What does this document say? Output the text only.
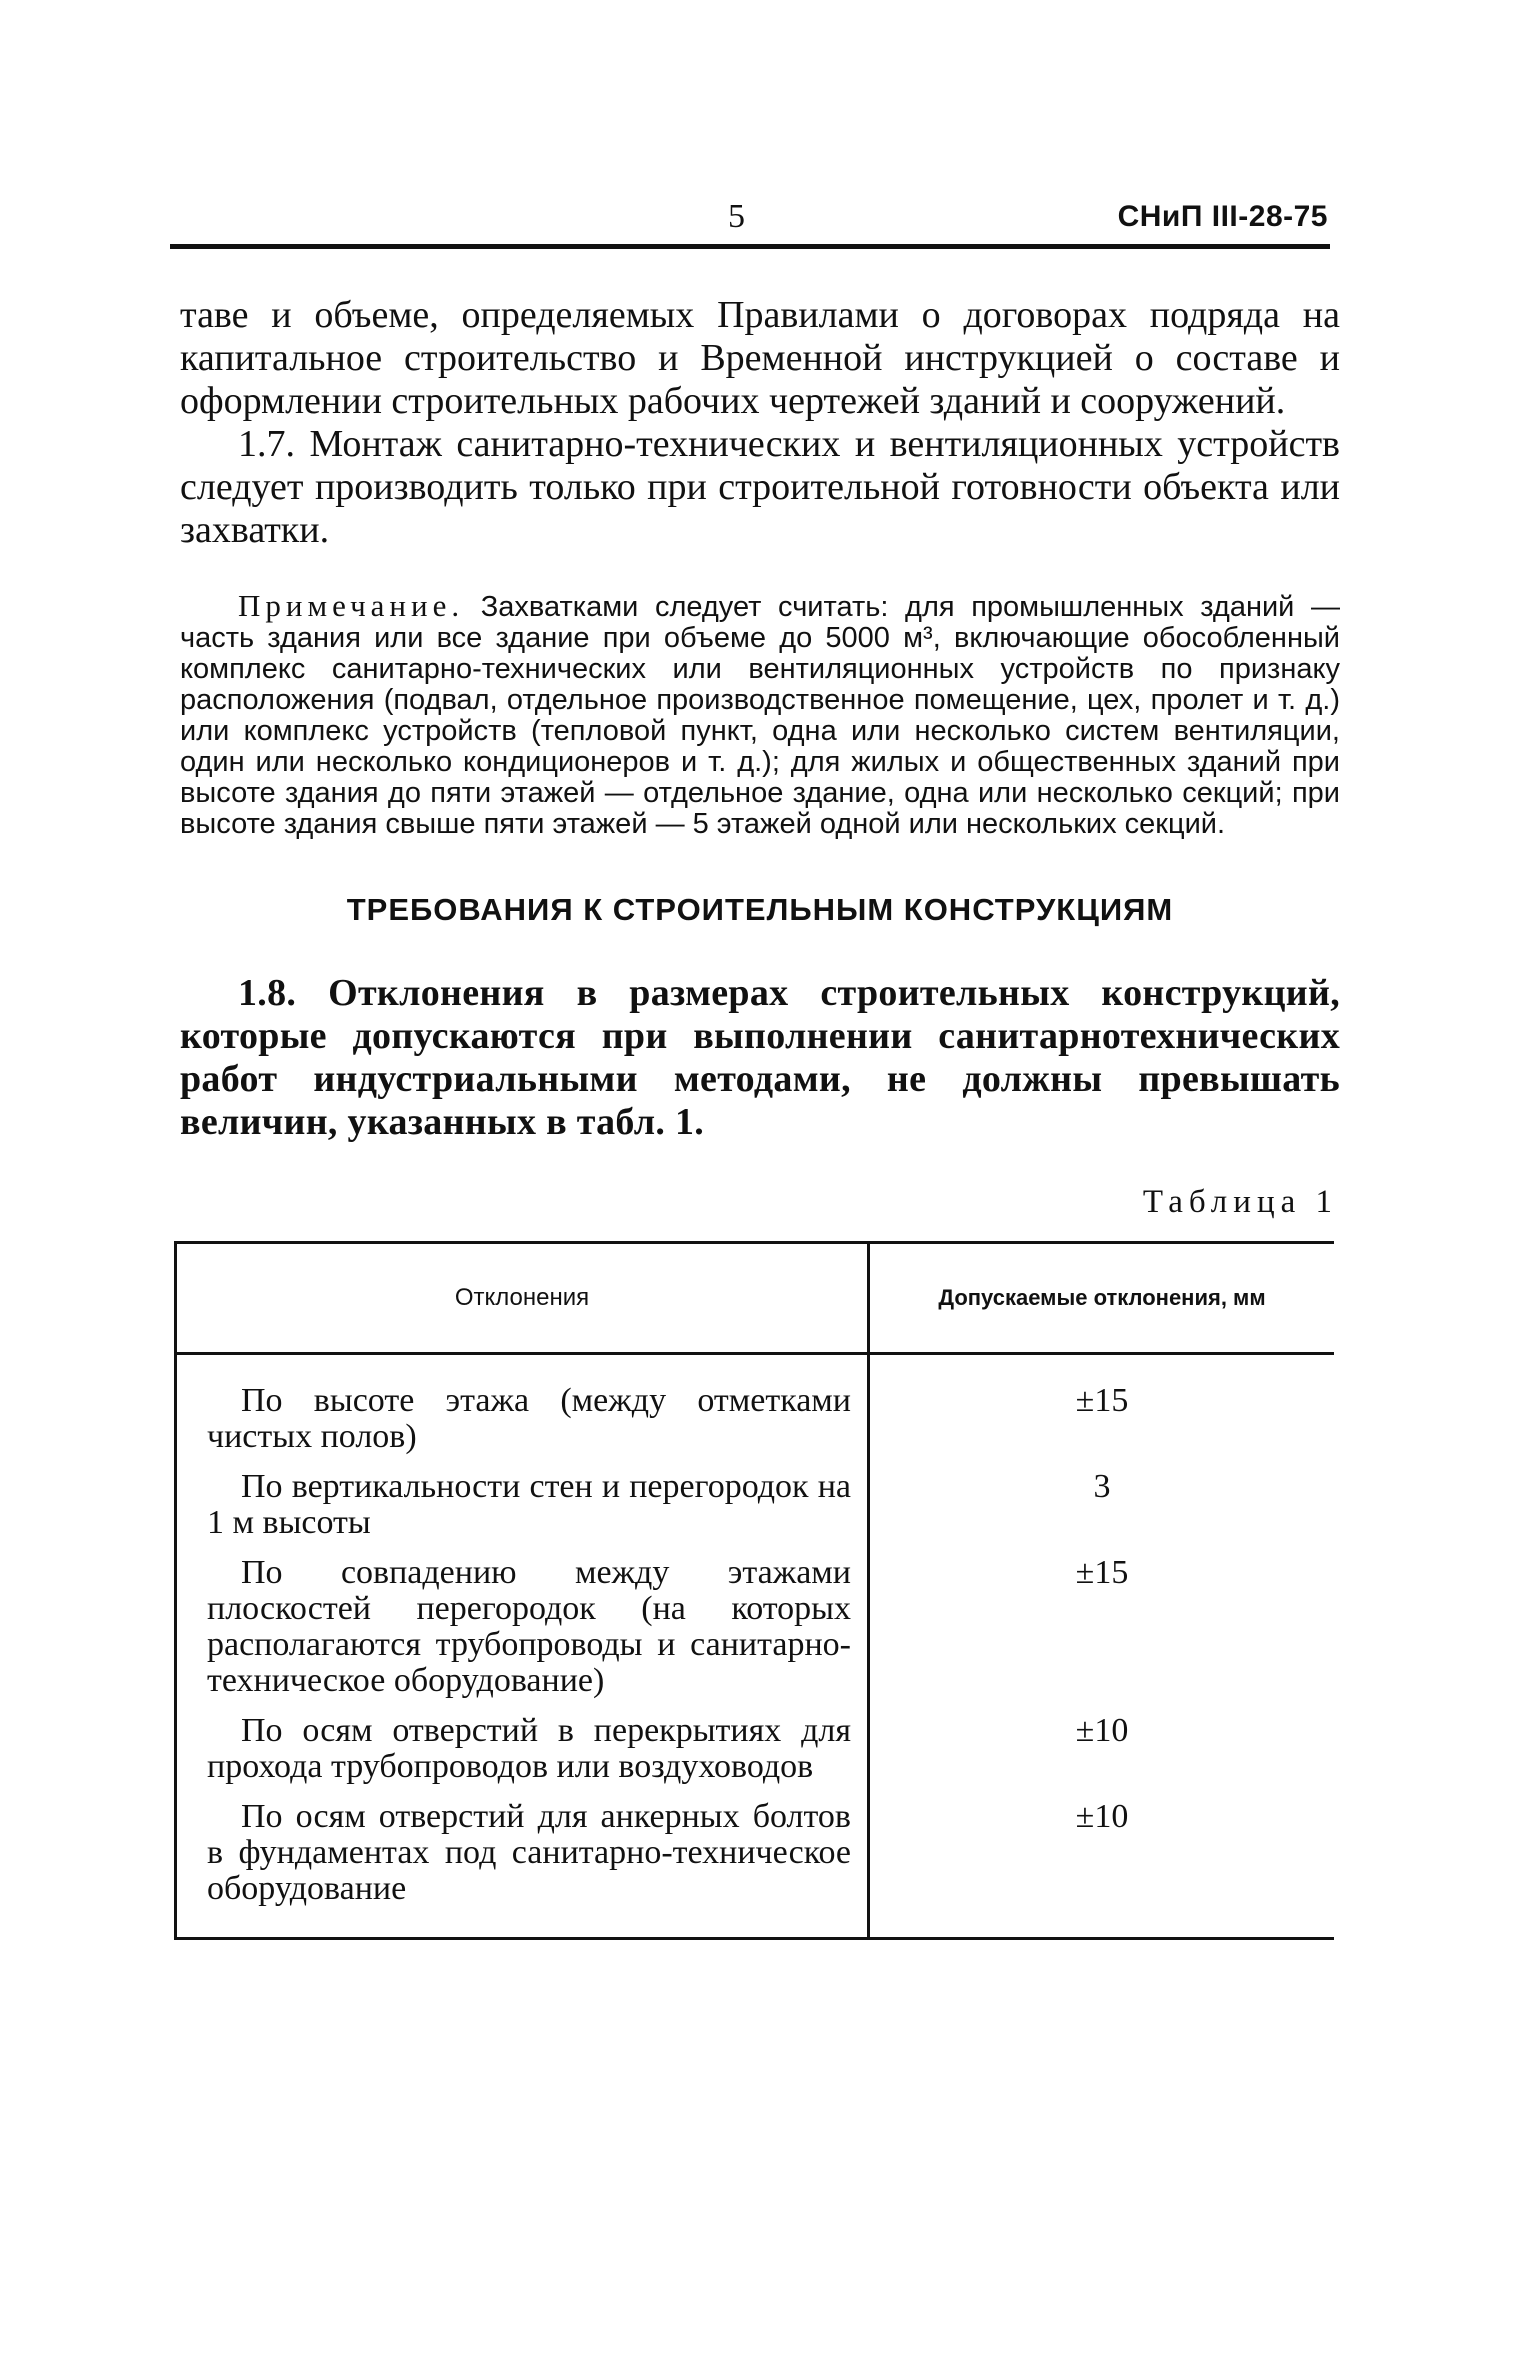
5	СНиП III-28-75

таве и объеме, определяемых Правилами о договорах подряда на капитальное строительство и Временной инструкцией о составе и оформлении строительных рабочих чертежей зданий и сооружений.

1.7. Монтаж санитарно-технических и вентиляционных устройств следует производить только при строительной готовности объекта или захватки.

Примечание. Захватками следует считать: для промышленных зданий — часть здания или все здание при объеме до 5000 м³, включающие обособленный комплекс санитарно-технических или вентиляционных устройств по признаку расположения (подвал, отдельное производственное помещение, цех, пролет и т. д.) или комплекс устройств (тепловой пункт, одна или несколько систем вентиляции, один или несколько кондиционеров и т. д.); для жилых и общественных зданий при высоте здания до пяти этажей — отдельное здание, одна или несколько секций; при высоте здания свыше пяти этажей — 5 этажей одной или нескольких секций.

ТРЕБОВАНИЯ К СТРОИТЕЛЬНЫМ КОНСТРУКЦИЯМ

1.8. Отклонения в размерах строительных конструкций, которые допускаются при выполнении санитарнотехнических работ индустриальными методами, не должны превышать величин, указанных в табл. 1.

Таблица 1
Отклонения	Допускаемые отклонения, мм
По высоте этажа (между отметками чистых полов)	±15
По вертикальности стен и перегородок на 1 м высоты	3
По совпадению между этажами плоскостей перегородок (на которых располагаются трубопроводы и санитарно-техническое оборудование)	±15
По осям отверстий в перекрытиях для прохода трубопроводов или воздуховодов	±10
По осям отверстий для анкерных болтов в фундаментах под санитарно-техническое оборудование	±10
